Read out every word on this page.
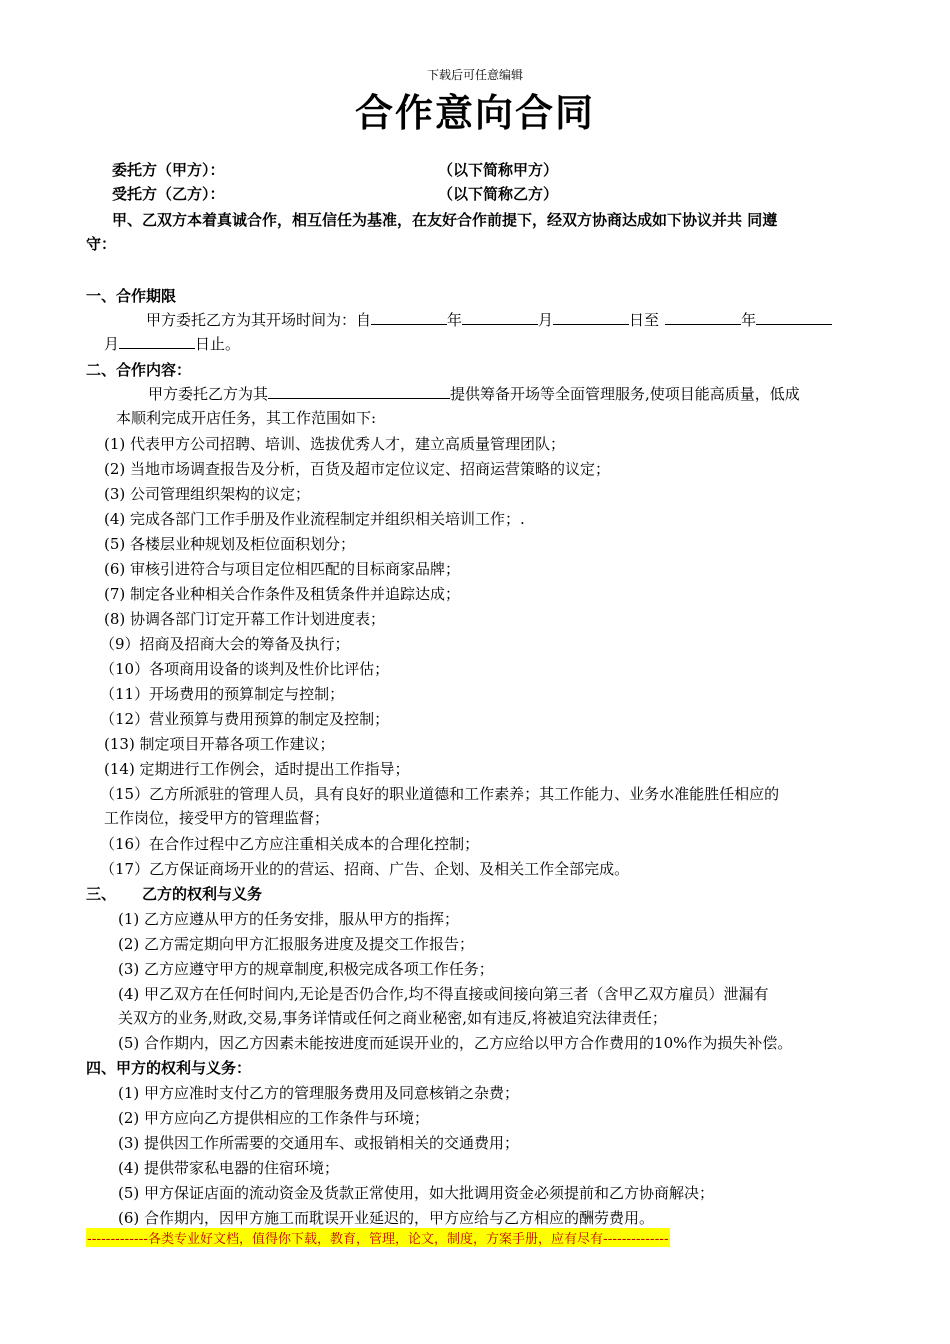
下载后可任意编辑
合作意向合同
委托方（甲方）：	（以下简称甲方）
受托方（乙方）：	（以下简称乙方）
甲、乙双方本着真诚合作，相互信任为基准，在友好合作前提下，经双方协商达成如下协议并共 同遵
守：
一、合作期限
甲方委托乙方为其开场时间为：自	年	月	日至	年
月	日止。
二、合作内容：
甲方委托乙方为其	提供筹备开场等全面管理服务,使项目能高质量，低成
本顺利完成开店任务，其工作范围如下:
(1) 代表甲方公司招聘、培训、选拔优秀人才，建立高质量管理团队；
(2) 当地市场调查报告及分析，百货及超市定位议定、招商运营策略的议定；
(3) 公司管理组织架构的议定；
(4) 完成各部门工作手册及作业流程制定并组织相关培训工作；.
(5) 各楼层业种规划及柜位面积划分；
(6) 审核引进符合与项目定位相匹配的目标商家品牌；
(7) 制定各业种相关合作条件及租赁条件并追踪达成；
(8) 协调各部门订定开幕工作计划进度表；
（9）招商及招商大会的筹备及执行；
（10）各项商用设备的谈判及性价比评估；
（11）开场费用的预算制定与控制；
（12）营业预算与费用预算的制定及控制；
(13) 制定项目开幕各项工作建议；
(14) 定期进行工作例会，适时提出工作指导；
（15）乙方所派驻的管理人员，具有良好的职业道德和工作素养；其工作能力、业务水准能胜任相应的
工作岗位，接受甲方的管理监督；
（16）在合作过程中乙方应注重相关成本的合理化控制；
（17）乙方保证商场开业的的营运、招商、广告、企划、及相关工作全部完成。
三、 乙方的权利与义务
(1) 乙方应遵从甲方的任务安排，服从甲方的指挥；
(2) 乙方需定期向甲方汇报服务进度及提交工作报告；
(3) 乙方应遵守甲方的规章制度,积极完成各项工作任务；
(4) 甲乙双方在任何时间内,无论是否仍合作,均不得直接或间接向第三者（含甲乙双方雇员）泄漏有
关双方的业务,财政,交易,事务详情或任何之商业秘密,如有违反,将被追究法律责任；
(5) 合作期内，因乙方因素未能按进度而延误开业的，乙方应给以甲方合作费用的10%作为损失补偿。
四、甲方的权利与义务：
(1) 甲方应准时支付乙方的管理服务费用及同意核销之杂费；
(2) 甲方应向乙方提供相应的工作条件与环境；
(3) 提供因工作所需要的交通用车、或报销相关的交通费用；
(4) 提供带家私电器的住宿环境；
(5) 甲方保证店面的流动资金及货款正常使用，如大批调用资金必须提前和乙方协商解决；
(6) 合作期内，因甲方施工而耽误开业延迟的，甲方应给与乙方相应的酬劳费用。
-------------各类专业好文档，值得你下载，教育，管理，论文，制度，方案手册，应有尽有--------------
